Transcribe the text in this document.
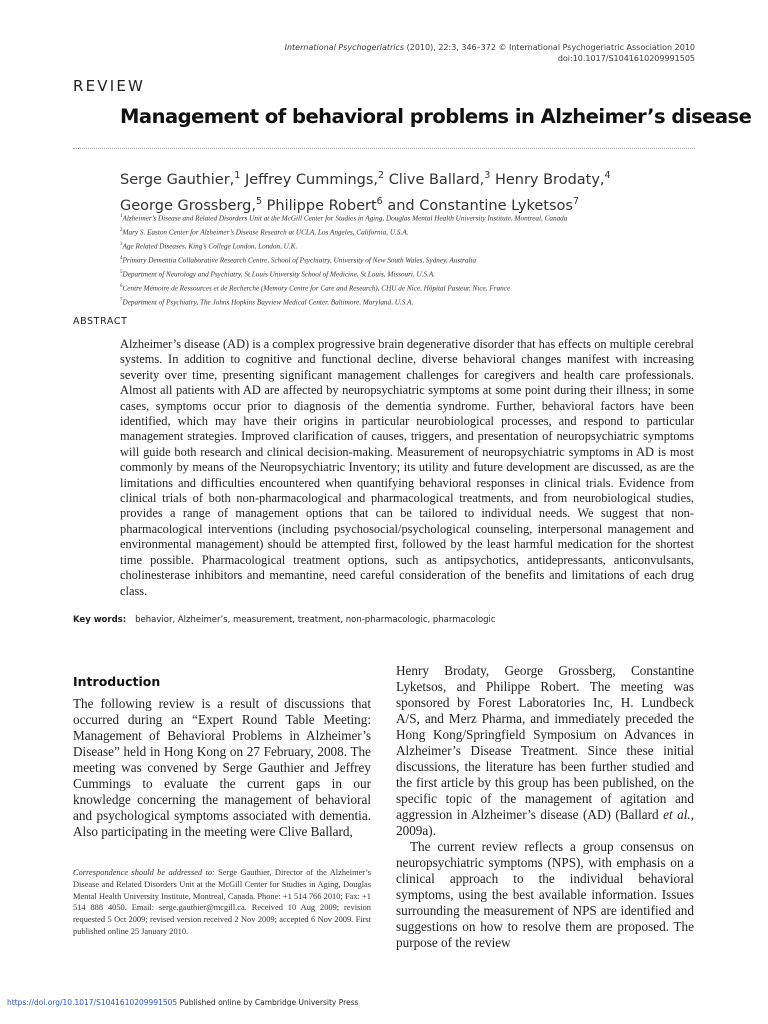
International Psychogeriatrics (2010), 22:3, 346–372 © International Psychogeriatric Association 2010
doi:10.1017/S1041610209991505
REVIEW
Management of behavioral problems in Alzheimer’s disease
Serge Gauthier,$^1$ Jeffrey Cummings,$^2$ Clive Ballard,$^3$ Henry Brodaty,$^4$
George Grossberg,$^5$ Philippe Robert$^6$ and Constantine Lyketsos$^7$
$^1$Alzheimer’s Disease and Related Disorders Unit at the McGill Center for Studies in Aging, Douglas Mental Health University Institute, Montreal, Canada
$^2$Mary S. Easton Center for Alzheimer’s Disease Research at UCLA, Los Angeles, California, U.S.A.
$^3$Age Related Diseases, King’s College London, London, U.K.
$^4$Primary Dementia Collaborative Research Centre, School of Psychiatry, University of New South Wales, Sydney, Australia
$^5$Department of Neurology and Psychiatry, St Louis University School of Medicine, St Louis, Missouri, U.S.A.
$^6$Centre Mémoire de Ressources et de Recherche (Memory Centre for Care and Research), CHU de Nice, Hôpital Pasteur, Nice, France
$^7$Department of Psychiatry, The Johns Hopkins Bayview Medical Center, Baltimore, Maryland, U.S.A.
ABSTRACT

Alzheimer’s disease (AD) is a complex progressive brain degenerative disorder that has effects on multiple cerebral systems. In addition to cognitive and functional decline, diverse behavioral changes manifest with increasing severity over time, presenting significant management challenges for caregivers and health care professionals. Almost all patients with AD are affected by neuropsychiatric symptoms at some point during their illness; in some cases, symptoms occur prior to diagnosis of the dementia syndrome. Further, behavioral factors have been identified, which may have their origins in particular neurobiological processes, and respond to particular management strategies. Improved clarification of causes, triggers, and presentation of neuropsychiatric symptoms will guide both research and clinical decision-making. Measurement of neuropsychiatric symptoms in AD is most commonly by means of the Neuropsychiatric Inventory; its utility and future development are discussed, as are the limitations and difficulties encountered when quantifying behavioral responses in clinical trials. Evidence from clinical trials of both non-pharmacological and pharmacological treatments, and from neurobiological studies, provides a range of management options that can be tailored to individual needs. We suggest that non-pharmacological interventions (including psychosocial/psychological counseling, interpersonal management and environmental management) should be attempted first, followed by the least harmful medication for the shortest time possible. Pharmacological treatment options, such as antipsychotics, antidepressants, anticonvulsants, cholinesterase inhibitors and memantine, need careful consideration of the benefits and limitations of each drug class.

Key words: behavior, Alzheimer’s, measurement, treatment, non-pharmacologic, pharmacologic
Introduction

The following review is a result of discussions that occurred during an “Expert Round Table Meeting: Management of Behavioral Problems in Alzheimer’s Disease” held in Hong Kong on 27 February, 2008. The meeting was convened by Serge Gauthier and Jeffrey Cummings to evaluate the current gaps in our knowledge concerning the management of behavioral and psychological symptoms associated with dementia. Also participating in the meeting were Clive Ballard,

Henry Brodaty, George Grossberg, Constantine Lyketsos, and Philippe Robert. The meeting was sponsored by Forest Laboratories Inc, H. Lundbeck A/S, and Merz Pharma, and immediately preceded the Hong Kong/Springfield Symposium on Advances in Alzheimer’s Disease Treatment. Since these initial discussions, the literature has been further studied and the first article by this group has been published, on the specific topic of the management of agitation and aggression in Alzheimer’s disease (AD) (Ballard et al., 2009a).

The current review reflects a group consensus on neuropsychiatric symptoms (NPS), with emphasis on a clinical approach to the individual behavioral symptoms, using the best available information. Issues surrounding the measurement of NPS are identified and suggestions on how to resolve them are proposed. The purpose of the review

Correspondence should be addressed to: Serge Gauthier, Director of the Alzheimer’s Disease and Related Disorders Unit at the McGill Center for Studies in Aging, Douglas Mental Health University Institute, Montreal, Canada. Phone: +1 514 766 2010; Fax: +1 514 888 4050. Email: serge.gauthier@mcgill.ca. Received 10 Aug 2009; revision requested 5 Oct 2009; revised version received 2 Nov 2009; accepted 6 Nov 2009. First published online 25 January 2010.

https://doi.org/10.1017/S1041610209991505 Published online by Cambridge University Press
